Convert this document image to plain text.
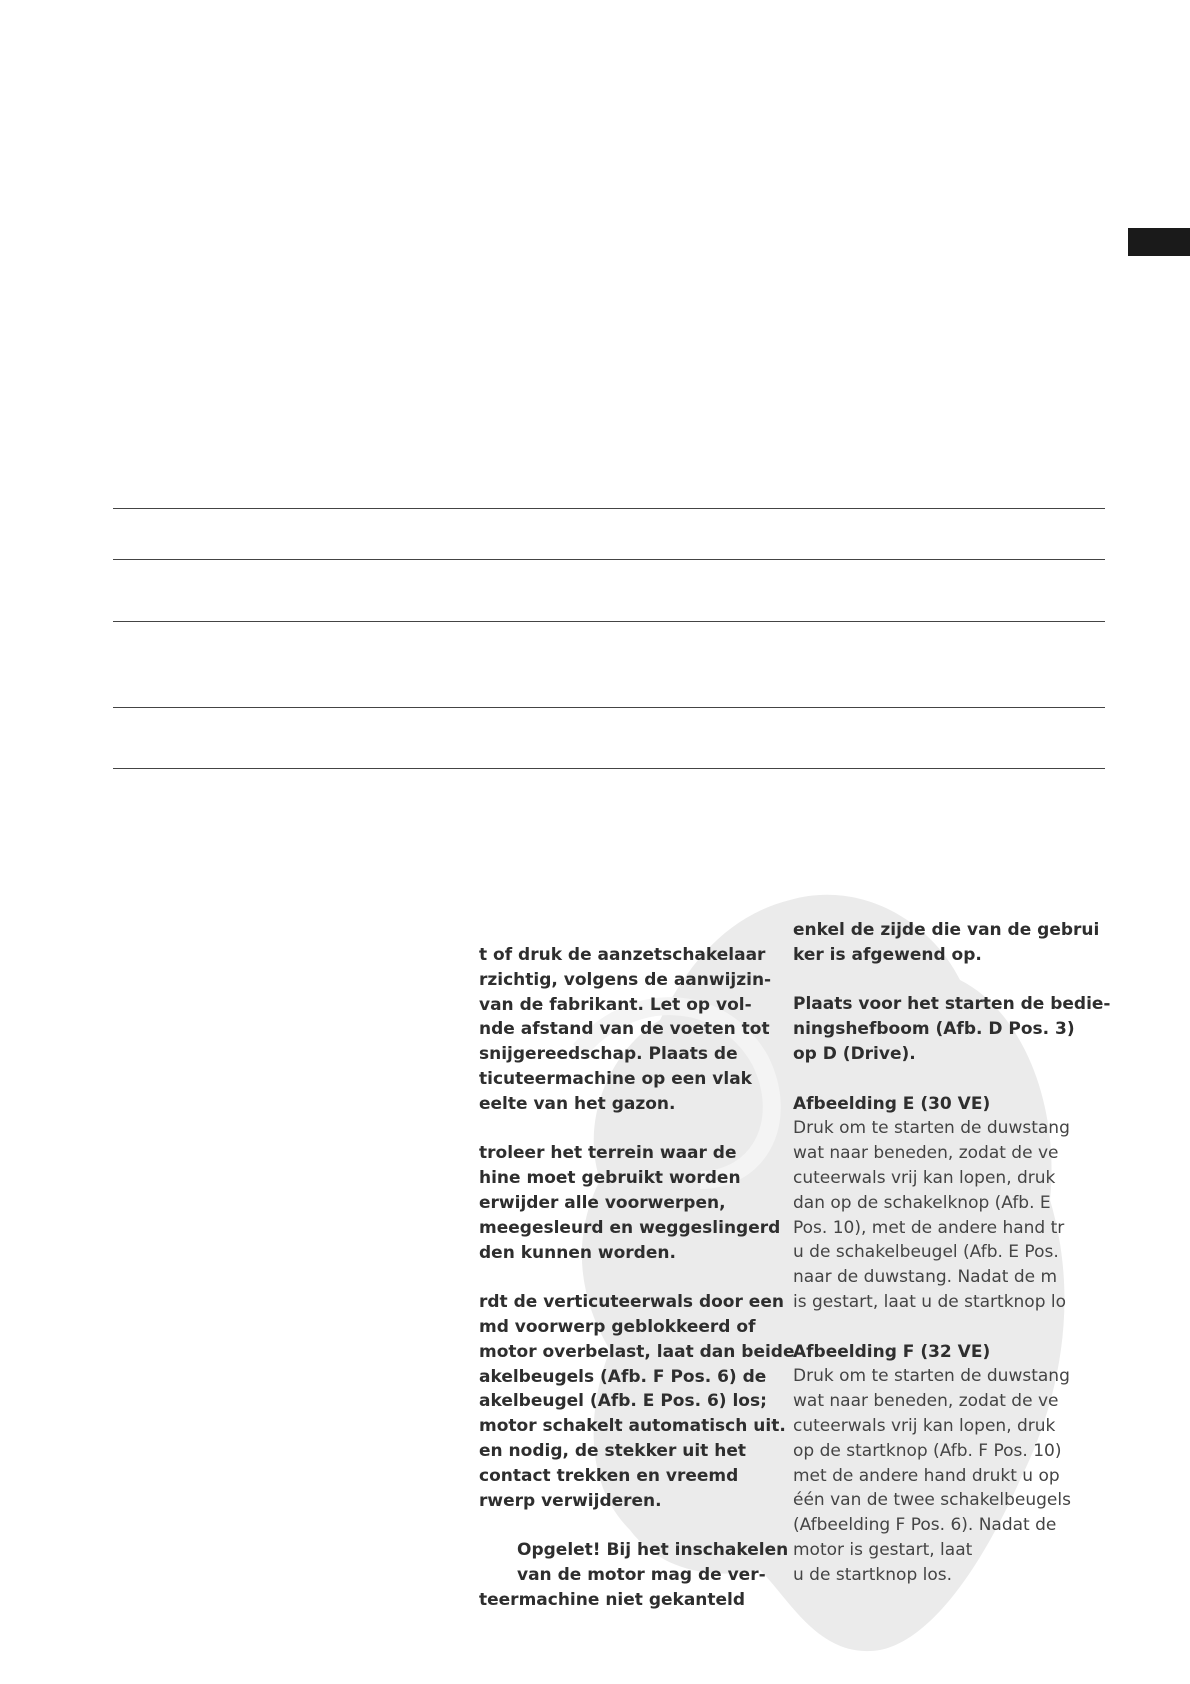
t of druk de aanzetschakelaar
rzichtig, volgens de aanwijzin-
van de fabrikant. Let op vol-
nde afstand van de voeten tot
snijgereedschap. Plaats de
ticuteermachine op een vlak
eelte van het gazon.

troleer het terrein waar de
hine moet gebruikt worden
erwijder alle voorwerpen,
meegesleurd en weggeslingerd
den kunnen worden.

rdt de verticuteerwals door een
md voorwerp geblokkeerd of
motor overbelast, laat dan beide
akelbeugels (Afb. F Pos. 6) de
akelbeugel (Afb. E Pos. 6) los;
motor schakelt automatisch uit.
en nodig, de stekker uit het
contact trekken en vreemd
rwerp verwijderen.

Opgelet! Bij het inschakelen
van de motor mag de ver-

teermachine niet gekanteld

enkel de zijde die van de gebrui
ker is afgewend op.

Plaats voor het starten de bedie-
ningshefboom (Afb. D Pos. 3)
op D (Drive).

Afbeelding E (30 VE)

Druk om te starten de duwstang
wat naar beneden, zodat de ve
cuteerwals vrij kan lopen, druk
dan op de schakelknop (Afb. E
Pos. 10), met de andere hand tr
u de schakelbeugel (Afb. E Pos.
naar de duwstang. Nadat de m
is gestart, laat u de startknop lo

Afbeelding F (32 VE)

Druk om te starten de duwstang
wat naar beneden, zodat de ve
cuteerwals vrij kan lopen, druk
op de startknop (Afb. F Pos. 10)
met de andere hand drukt u op
één van de twee schakelbeugels
(Afbeelding F Pos. 6). Nadat de
motor is gestart, laat
u de startknop los.
